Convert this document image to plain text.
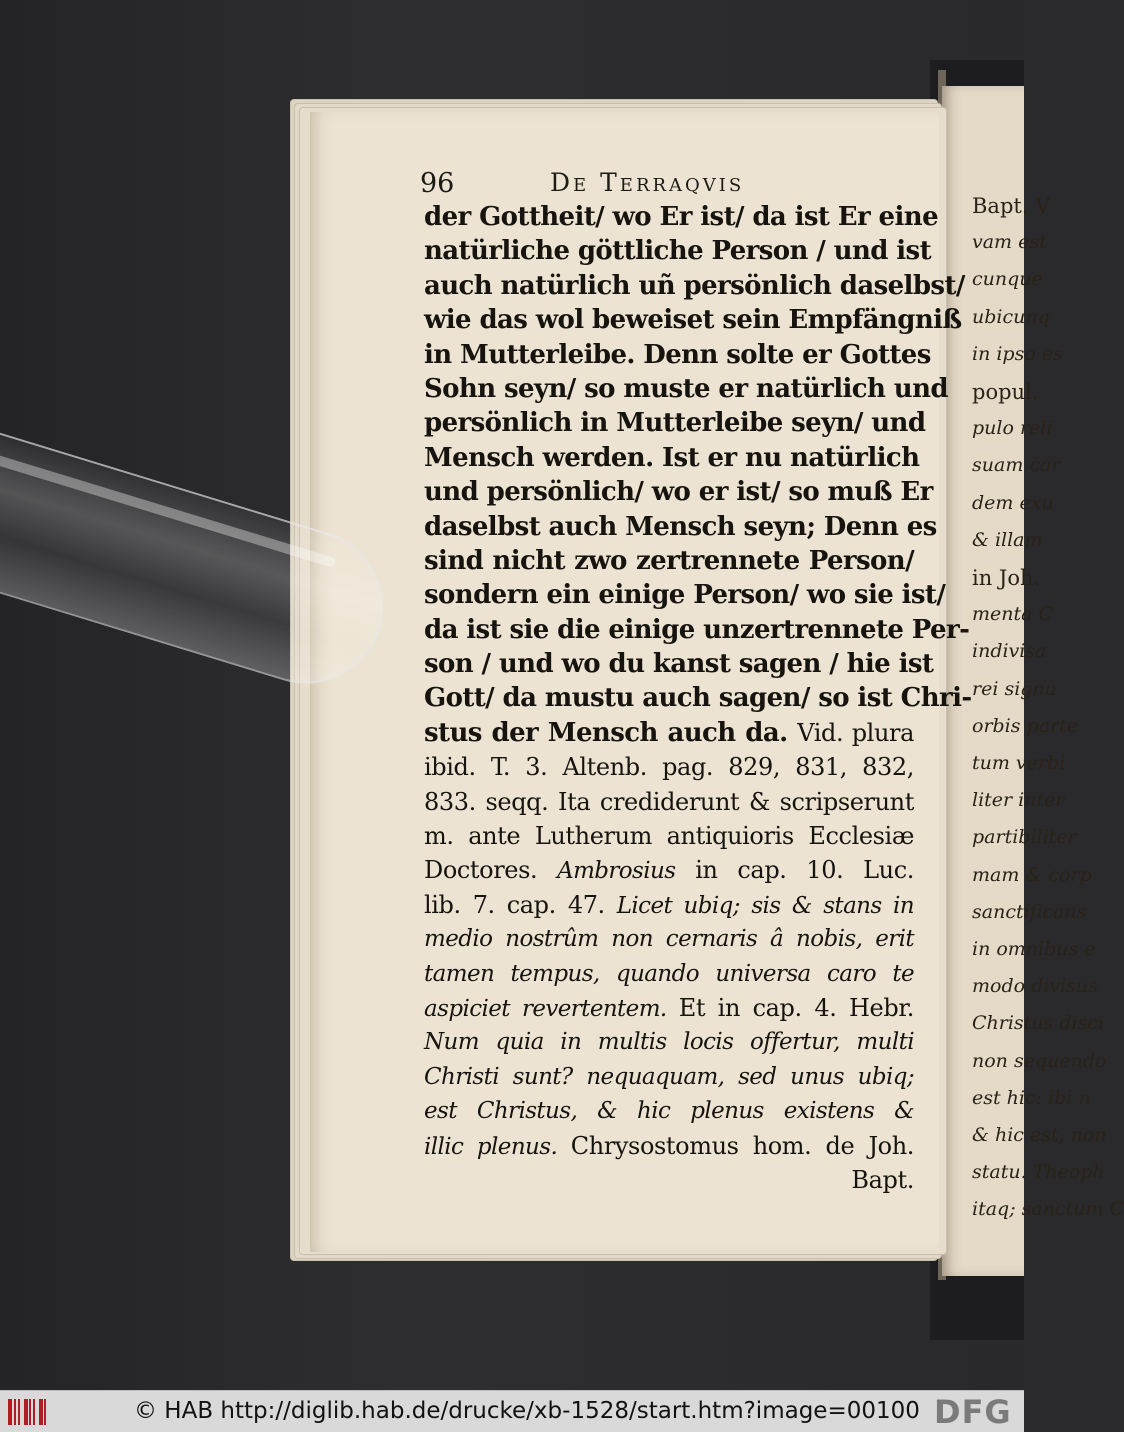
Bapt. V
vam est
cunque
ubicunq
in ipso es
popul.
pulo reli
suam car
dem exu
& illam
in Joh.
menta C
indivisa
rei signu
orbis parte
tum verbi
liter inter
partibiliter
mam & corp
sanctificans
in omnibus e
modo divisus
Christus disci
non sequendo
est hic: ibi n
& hic est, non
statu. Theoph
itaq; sanctum C
96	De Terraqvis
der Gottheit/ wo Er ist/ da ist Er eine
natürliche göttliche Person / und ist
auch natürlich uñ persönlich daselbst/
wie das wol beweiset sein Empfängniß
in Mutterleibe. Denn solte er Gottes
Sohn seyn/ so muste er natürlich und
persönlich in Mutterleibe seyn/ und
Mensch werden. Ist er nu natürlich
und persönlich/ wo er ist/ so muß Er
daselbst auch Mensch seyn; Denn es
sind nicht zwo zertrennete Person/
sondern ein einige Person/ wo sie ist/
da ist sie die einige unzertrennete Per-
son / und wo du kanst sagen / hie ist
Gott/ da mustu auch sagen/ so ist Chri-
stus der Mensch auch da. Vid. plura
ibid. T. 3. Altenb. pag. 829, 831, 832,
833. seqq. Ita crediderunt & scripserunt
m. ante Lutherum antiquioris Ecclesiæ
Doctores. Ambrosius in cap. 10. Luc.
lib. 7. cap. 47. Licet ubiq; sis & stans in
medio nostrûm non cernaris â nobis, erit
tamen tempus, quando universa caro te
aspiciet revertentem. Et in cap. 4. Hebr.
Num quia in multis locis offertur, multi
Christi sunt? nequaquam, sed unus ubiq;
est Christus, & hic plenus existens &
illic plenus. Chrysostomus hom. de Joh.
Bapt.
© HAB http://diglib.hab.de/drucke/xb-1528/start.htm?image=00100 DFG
